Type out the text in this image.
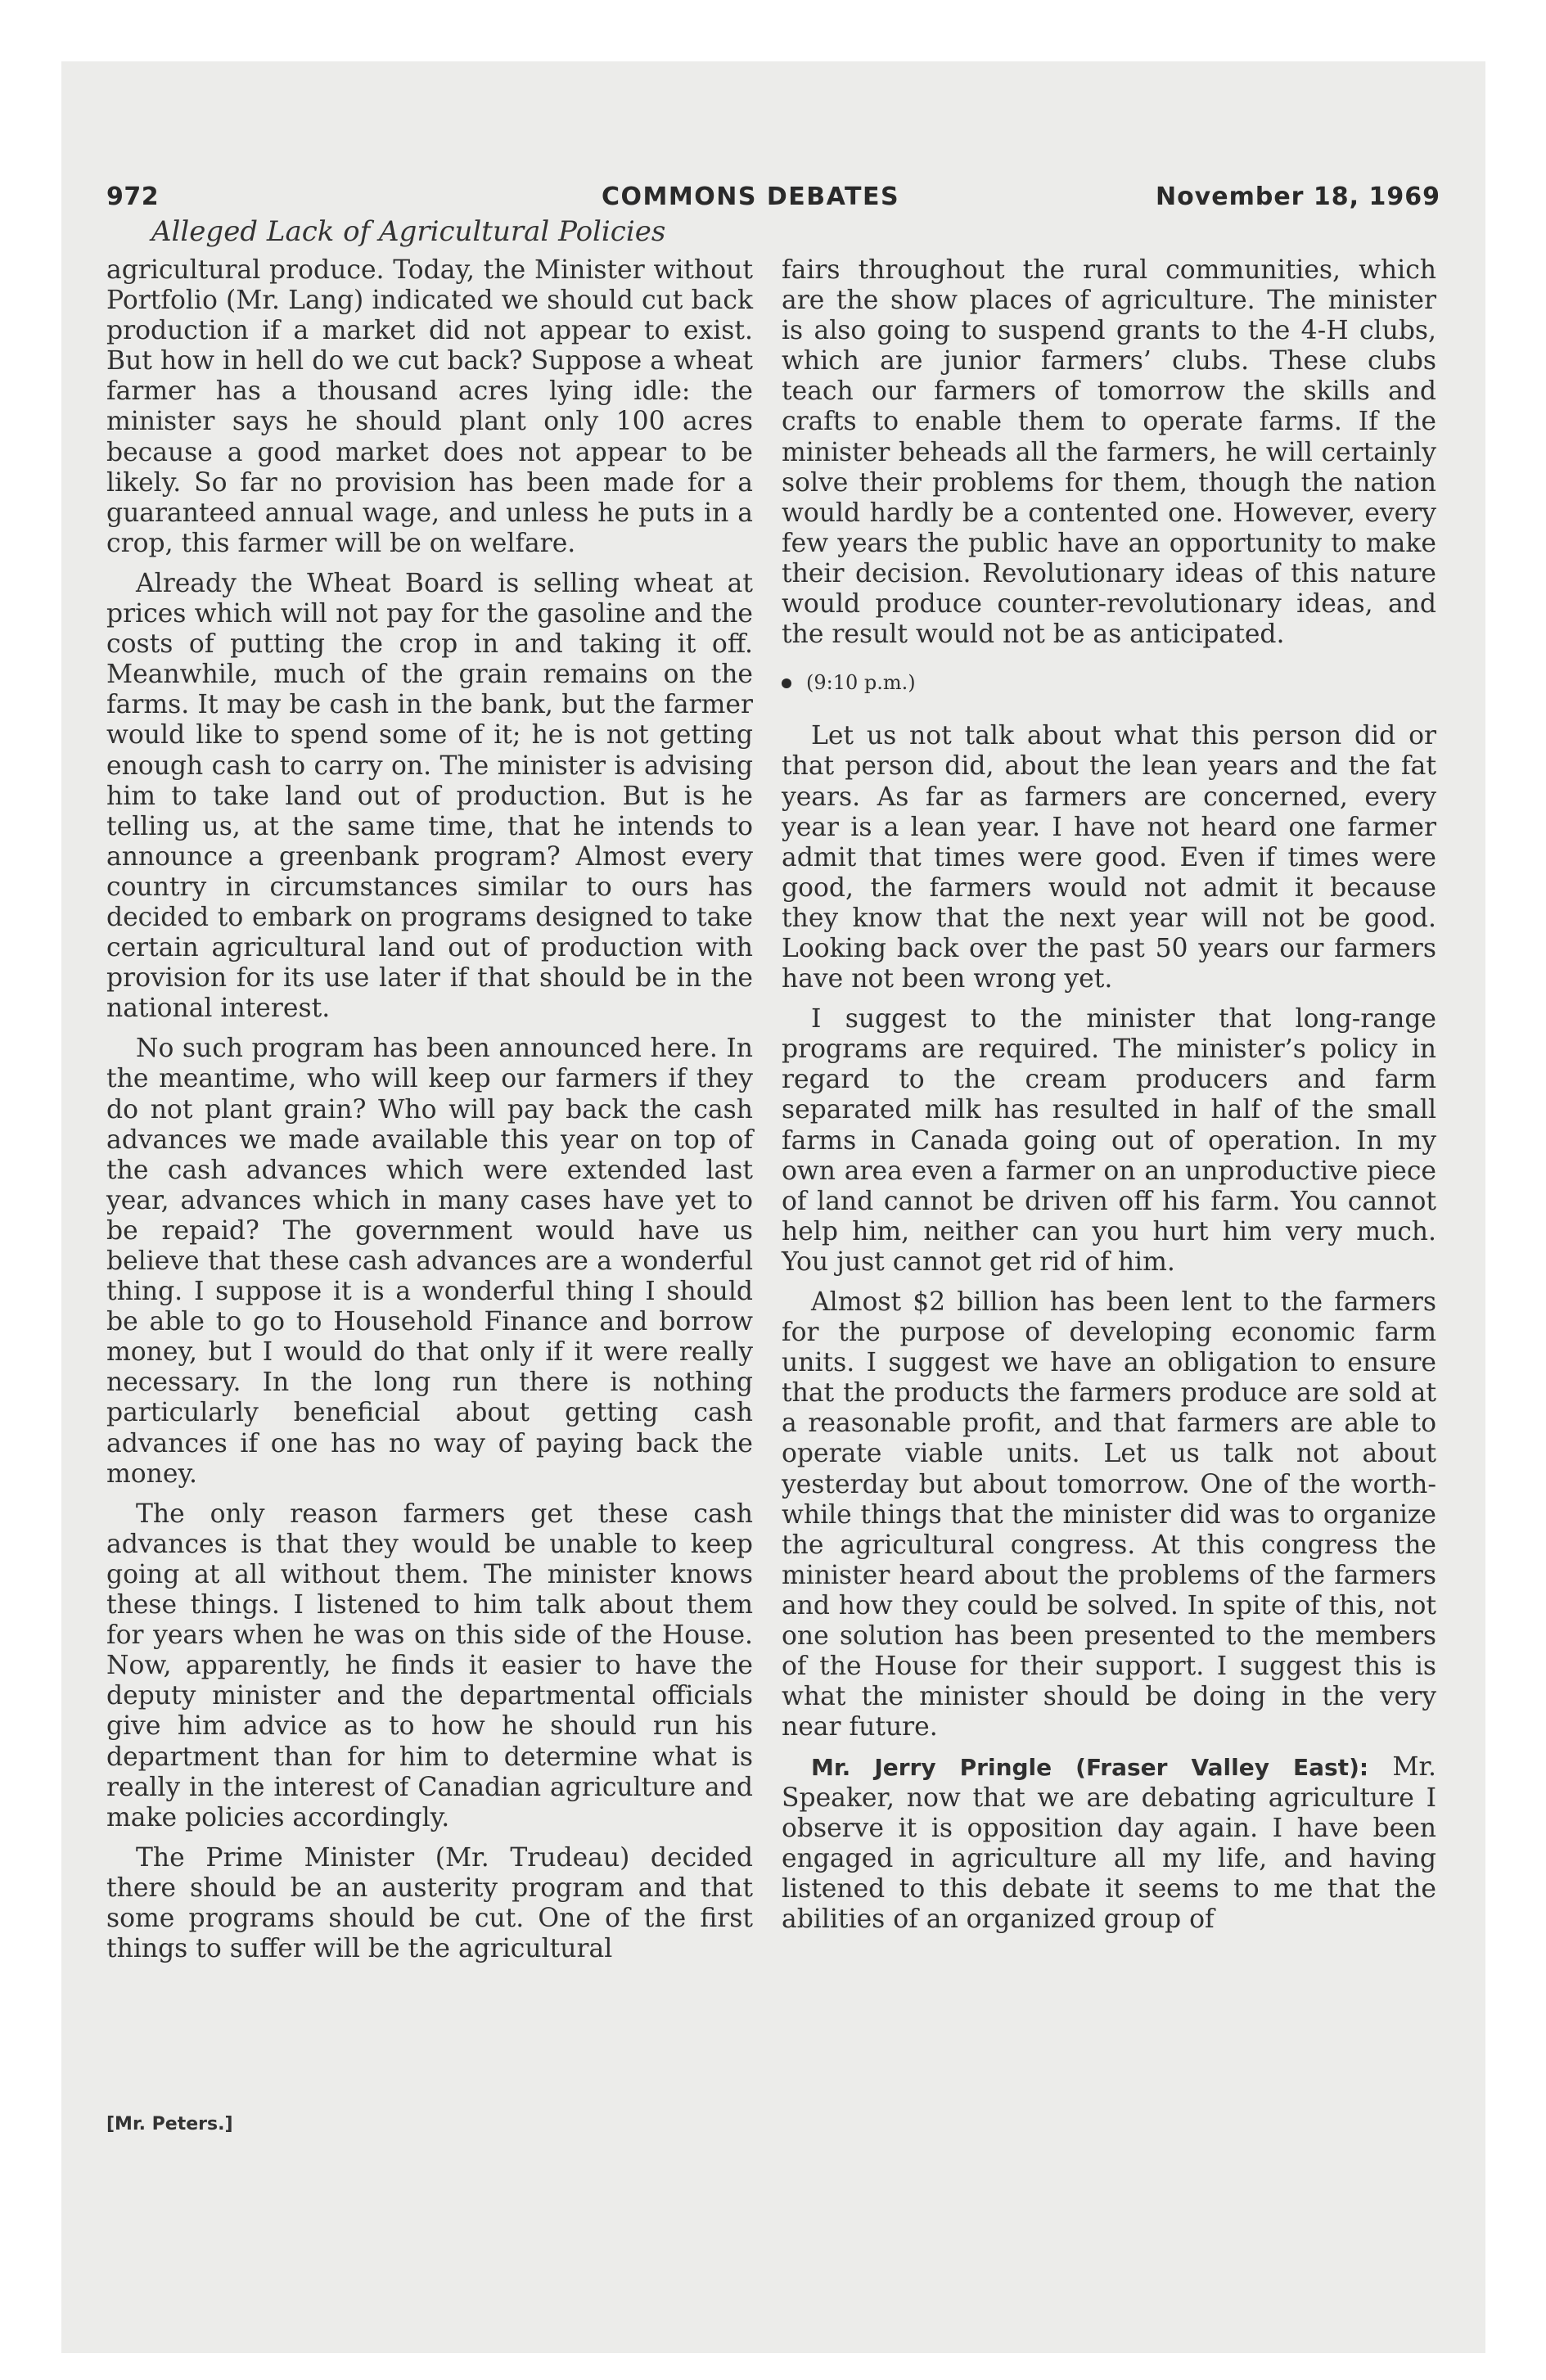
972	COMMONS DEBATES	November 18, 1969
Alleged Lack of Agricultural Policies

agricultural produce. Today, the Minister without Portfolio (Mr. Lang) indicated we should cut back production if a market did not appear to exist. But how in hell do we cut back? Suppose a wheat farmer has a thousand acres lying idle: the minister says he should plant only 100 acres because a good market does not appear to be likely. So far no provision has been made for a guaranteed annual wage, and unless he puts in a crop, this farmer will be on welfare.

Already the Wheat Board is selling wheat at prices which will not pay for the gasoline and the costs of putting the crop in and taking it off. Meanwhile, much of the grain remains on the farms. It may be cash in the bank, but the farmer would like to spend some of it; he is not getting enough cash to carry on. The minister is advising him to take land out of production. But is he telling us, at the same time, that he intends to announce a greenbank program? Almost every country in circumstances similar to ours has decided to embark on programs designed to take certain agricultural land out of production with provision for its use later if that should be in the national interest.

No such program has been announced here. In the meantime, who will keep our farmers if they do not plant grain? Who will pay back the cash advances we made available this year on top of the cash advances which were extended last year, advances which in many cases have yet to be repaid? The government would have us believe that these cash advances are a wonderful thing. I suppose it is a wonderful thing I should be able to go to Household Finance and borrow money, but I would do that only if it were really necessary. In the long run there is nothing particularly beneficial about getting cash advances if one has no way of paying back the money.

The only reason farmers get these cash advances is that they would be unable to keep going at all without them. The minister knows these things. I listened to him talk about them for years when he was on this side of the House. Now, apparently, he finds it easier to have the deputy minister and the departmental officials give him advice as to how he should run his department than for him to determine what is really in the interest of Canadian agriculture and make policies accordingly.

The Prime Minister (Mr. Trudeau) decided there should be an austerity program and that some programs should be cut. One of the first things to suffer will be the agricultural

fairs throughout the rural communities, which are the show places of agriculture. The minister is also going to suspend grants to the 4-H clubs, which are junior farmers’ clubs. These clubs teach our farmers of tomorrow the skills and crafts to enable them to operate farms. If the minister beheads all the farmers, he will certainly solve their problems for them, though the nation would hardly be a contented one. However, every few years the public have an opportunity to make their decision. Revolutionary ideas of this nature would produce counter-revolutionary ideas, and the result would not be as anticipated.

(9:10 p.m.)

Let us not talk about what this person did or that person did, about the lean years and the fat years. As far as farmers are concerned, every year is a lean year. I have not heard one farmer admit that times were good. Even if times were good, the farmers would not admit it because they know that the next year will not be good. Looking back over the past 50 years our farmers have not been wrong yet.

I suggest to the minister that long-range programs are required. The minister’s policy in regard to the cream producers and farm separated milk has resulted in half of the small farms in Canada going out of operation. In my own area even a farmer on an unproductive piece of land cannot be driven off his farm. You cannot help him, neither can you hurt him very much. You just cannot get rid of him.

Almost $2 billion has been lent to the farmers for the purpose of developing economic farm units. I suggest we have an obligation to ensure that the products the farmers produce are sold at a reasonable profit, and that farmers are able to operate viable units. Let us talk not about yesterday but about tomorrow. One of the worth-while things that the minister did was to organize the agricultural congress. At this congress the minister heard about the problems of the farmers and how they could be solved. In spite of this, not one solution has been presented to the members of the House for their support. I suggest this is what the minister should be doing in the very near future.

Mr. Jerry Pringle (Fraser Valley East): Mr. Speaker, now that we are debating agriculture I observe it is opposition day again. I have been engaged in agriculture all my life, and having listened to this debate it seems to me that the abilities of an organized group of

[Mr. Peters.]
